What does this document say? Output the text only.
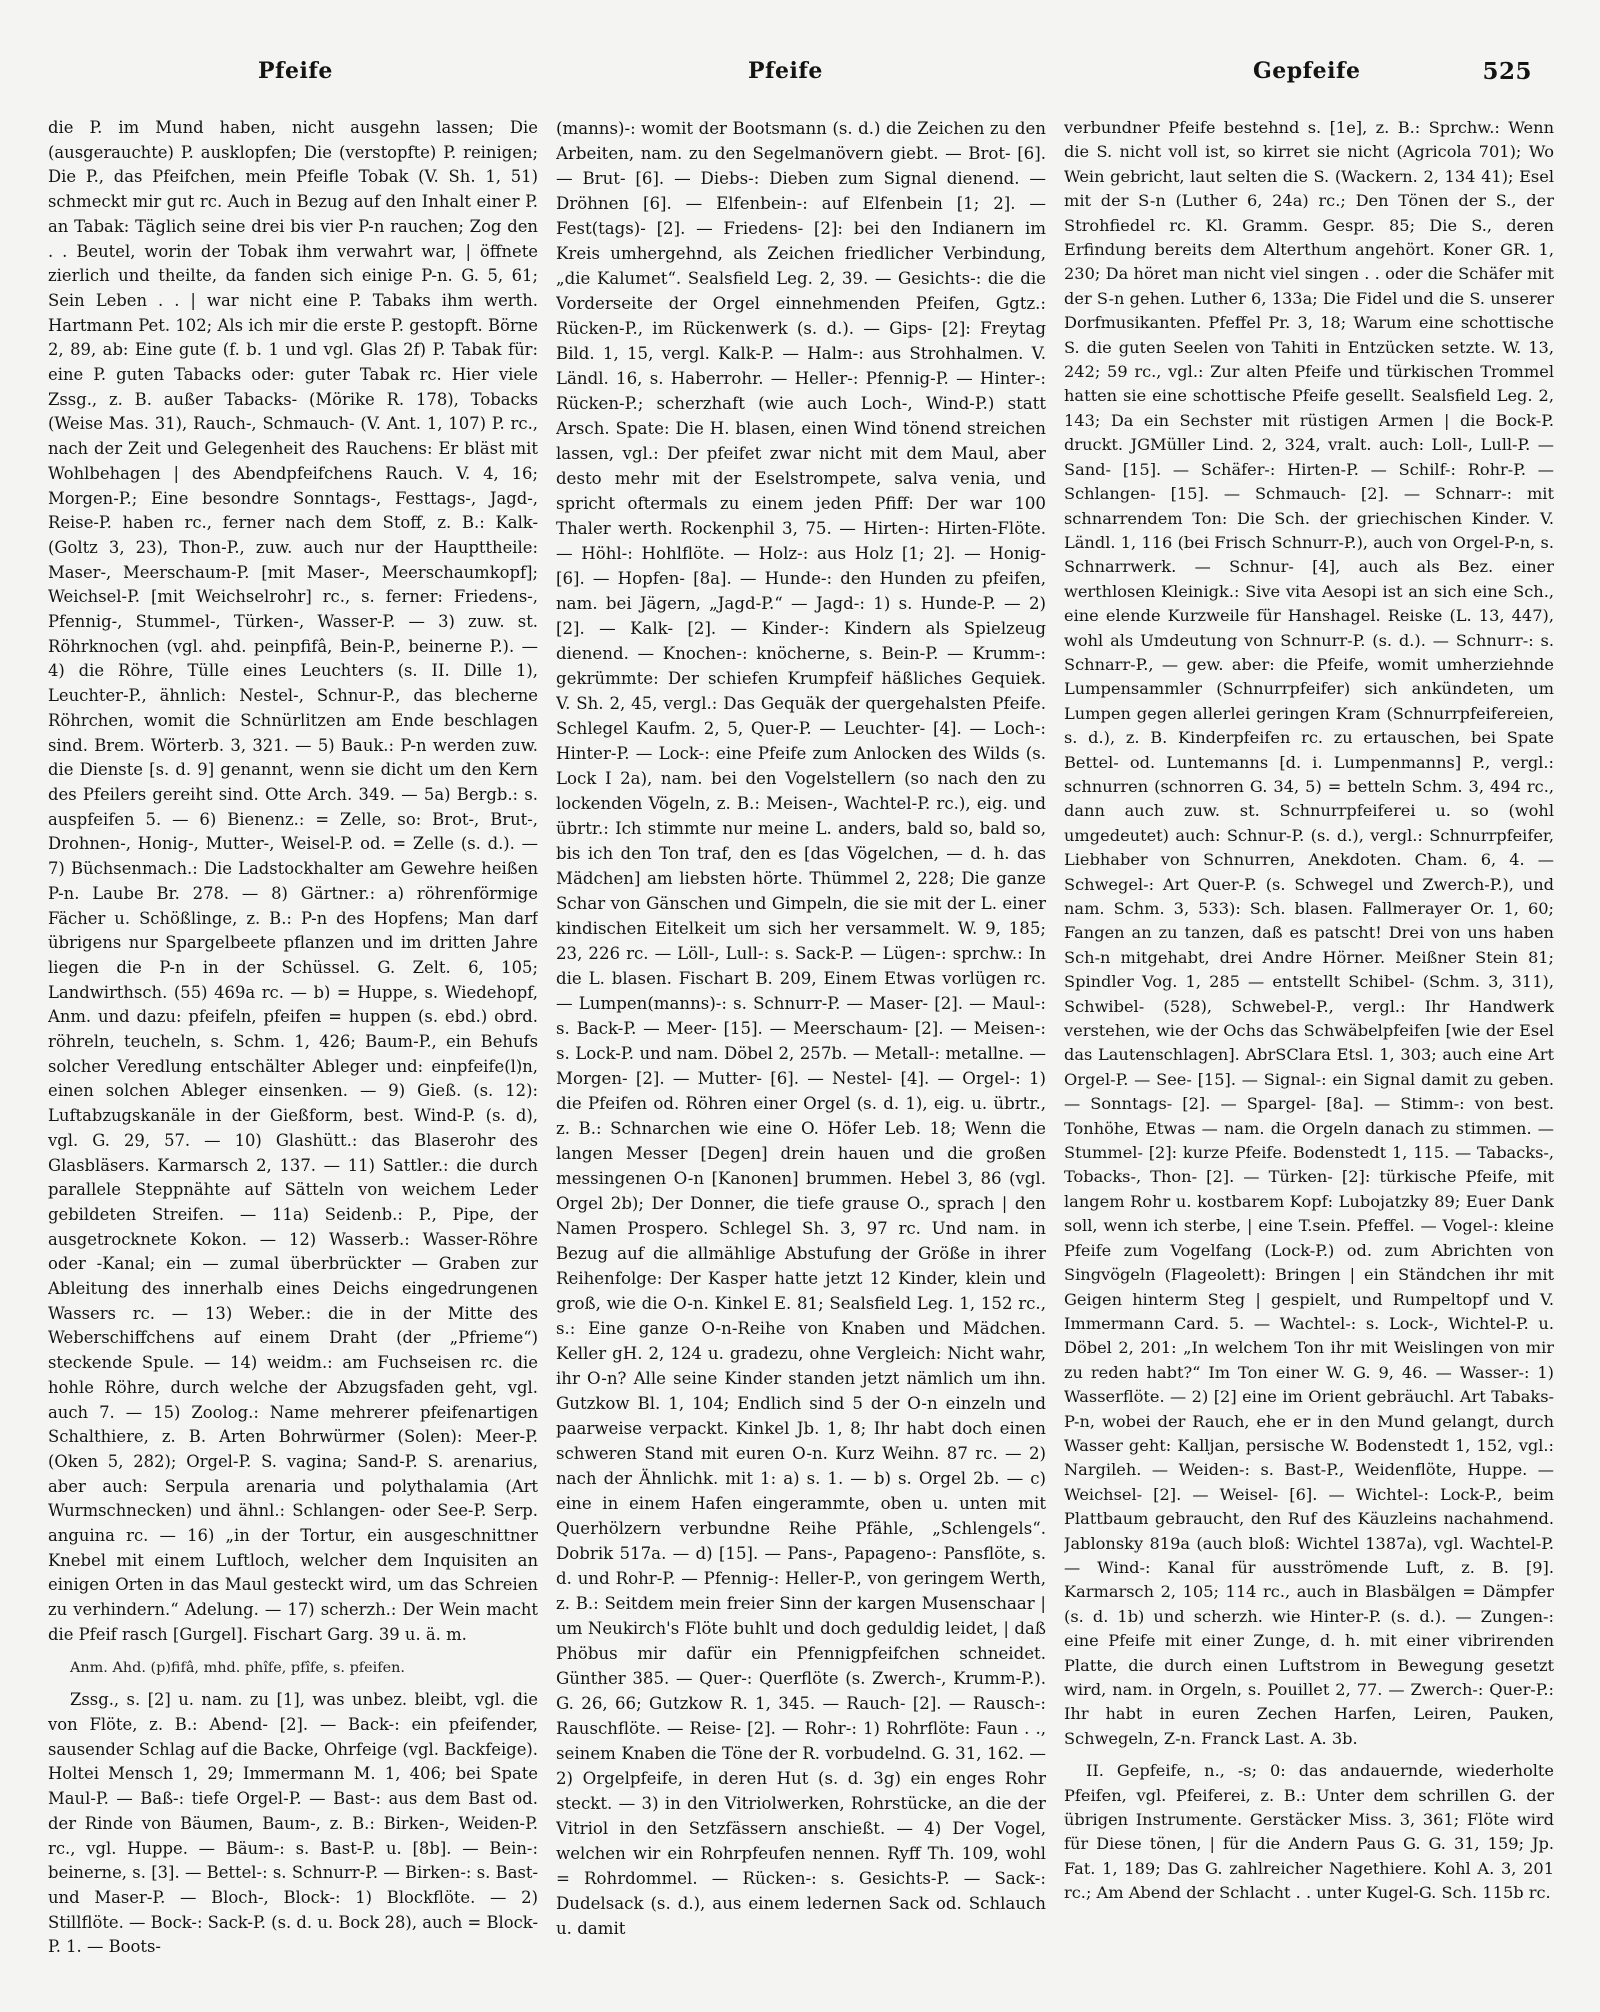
Pfeife	Pfeife	Gepfeife	525

die P. im Mund haben, nicht ausgehn lassen; Die (ausgerauchte) P. ausklopfen; Die (verstopfte) P. reinigen; Die P., das Pfeifchen, mein Pfeifle Tobak (V. Sh. 1, 51) schmeckt mir gut rc. Auch in Bezug auf den Inhalt einer P. an Tabak: Täglich seine drei bis vier P-n rauchen; Zog den . . Beutel, worin der Tobak ihm verwahrt war, | öffnete zierlich und theilte, da fanden sich einige P-n. G. 5, 61; Sein Leben . . | war nicht eine P. Tabaks ihm werth. Hartmann Pet. 102; Als ich mir die erste P. gestopft. Börne 2, 89, ab: Eine gute (f. b. 1 und vgl. Glas 2f) P. Tabak für: eine P. guten Tabacks oder: guter Tabak rc. Hier viele Zssg., z. B. außer Tabacks- (Mörike R. 178), Tobacks (Weise Mas. 31), Rauch-, Schmauch- (V. Ant. 1, 107) P. rc., nach der Zeit und Gelegenheit des Rauchens: Er bläst mit Wohlbehagen | des Abendpfeifchens Rauch. V. 4, 16; Morgen-P.; Eine besondre Sonntags-, Festtags-, Jagd-, Reise-P. haben rc., ferner nach dem Stoff, z. B.: Kalk- (Goltz 3, 23), Thon-P., zuw. auch nur der Haupttheile: Maser-, Meerschaum-P. [mit Maser-, Meerschaumkopf]; Weichsel-P. [mit Weichselrohr] rc., s. ferner: Friedens-, Pfennig-, Stummel-, Türken-, Wasser-P. — 3) zuw. st. Röhrknochen (vgl. ahd. peinpfifâ, Bein-P., beinerne P.). — 4) die Röhre, Tülle eines Leuchters (s. II. Dille 1), Leuchter-P., ähnlich: Nestel-, Schnur-P., das blecherne Röhrchen, womit die Schnürlitzen am Ende beschlagen sind. Brem. Wörterb. 3, 321. — 5) Bauk.: P-n werden zuw. die Dienste [s. d. 9] genannt, wenn sie dicht um den Kern des Pfeilers gereiht sind. Otte Arch. 349. — 5a) Bergb.: s. auspfeifen 5. — 6) Bienenz.: = Zelle, so: Brot-, Brut-, Drohnen-, Honig-, Mutter-, Weisel-P. od. = Zelle (s. d.). — 7) Büchsenmach.: Die Ladstockhalter am Gewehre heißen P-n. Laube Br. 278. — 8) Gärtner.: a) röhrenförmige Fächer u. Schößlinge, z. B.: P-n des Hopfens; Man darf übrigens nur Spargelbeete pflanzen und im dritten Jahre liegen die P-n in der Schüssel. G. Zelt. 6, 105; Landwirthsch. (55) 469a rc. — b) = Huppe, s. Wiedehopf, Anm. und dazu: pfeifeln, pfeifen = huppen (s. ebd.) obrd. röhreln, teucheln, s. Schm. 1, 426; Baum-P., ein Behufs solcher Veredlung entschälter Ableger und: einpfeife(l)n, einen solchen Ableger einsenken. — 9) Gieß. (s. 12): Luftabzugskanäle in der Gießform, best. Wind-P. (s. d), vgl. G. 29, 57. — 10) Glashütt.: das Blaserohr des Glasbläsers. Karmarsch 2, 137. — 11) Sattler.: die durch parallele Steppnähte auf Sätteln von weichem Leder gebildeten Streifen. — 11a) Seidenb.: P., Pipe, der ausgetrocknete Kokon. — 12) Wasserb.: Wasser-Röhre oder -Kanal; ein — zumal überbrückter — Graben zur Ableitung des innerhalb eines Deichs eingedrungenen Wassers rc. — 13) Weber.: die in der Mitte des Weberschiffchens auf einem Draht (der „Pfrieme“) steckende Spule. — 14) weidm.: am Fuchseisen rc. die hohle Röhre, durch welche der Abzugsfaden geht, vgl. auch 7. — 15) Zoolog.: Name mehrerer pfeifenartigen Schalthiere, z. B. Arten Bohrwürmer (Solen): Meer-P. (Oken 5, 282); Orgel-P. S. vagina; Sand-P. S. arenarius, aber auch: Serpula arenaria und polythalamia (Art Wurmschnecken) und ähnl.: Schlangen- oder See-P. Serp. anguina rc. — 16) „in der Tortur, ein ausgeschnittner Knebel mit einem Luftloch, welcher dem Inquisiten an einigen Orten in das Maul gesteckt wird, um das Schreien zu verhindern.“ Adelung. — 17) scherzh.: Der Wein macht die Pfeif rasch [Gurgel]. Fischart Garg. 39 u. ä. m.

Anm. Ahd. (p)fifâ, mhd. phîfe, pfîfe, s. pfeifen.

Zssg., s. [2] u. nam. zu [1], was unbez. bleibt, vgl. die von Flöte, z. B.: Abend- [2]. — Back-: ein pfeifender, sausender Schlag auf die Backe, Ohrfeige (vgl. Backfeige). Holtei Mensch 1, 29; Immermann M. 1, 406; bei Spate Maul-P. — Baß-: tiefe Orgel-P. — Bast-: aus dem Bast od. der Rinde von Bäumen, Baum-, z. B.: Birken-, Weiden-P. rc., vgl. Huppe. — Bäum-: s. Bast-P. u. [8b]. — Bein-: beinerne, s. [3]. — Bettel-: s. Schnurr-P. — Birken-: s. Bast- und Maser-P. — Bloch-, Block-: 1) Blockflöte. — 2) Stillflöte. — Bock-: Sack-P. (s. d. u. Bock 28), auch = Block-P. 1. — Boots-

(manns)-: womit der Bootsmann (s. d.) die Zeichen zu den Arbeiten, nam. zu den Segelmanövern giebt. — Brot- [6]. — Brut- [6]. — Diebs-: Dieben zum Signal dienend. — Dröhnen [6]. — Elfenbein-: auf Elfenbein [1; 2]. — Fest(tags)- [2]. — Friedens- [2]: bei den Indianern im Kreis umhergehnd, als Zeichen friedlicher Verbindung, „die Kalumet“. Sealsfield Leg. 2, 39. — Gesichts-: die die Vorderseite der Orgel einnehmenden Pfeifen, Ggtz.: Rücken-P., im Rückenwerk (s. d.). — Gips- [2]: Freytag Bild. 1, 15, vergl. Kalk-P. — Halm-: aus Strohhalmen. V. Ländl. 16, s. Haberrohr. — Heller-: Pfennig-P. — Hinter-: Rücken-P.; scherzhaft (wie auch Loch-, Wind-P.) statt Arsch. Spate: Die H. blasen, einen Wind tönend streichen lassen, vgl.: Der pfeifet zwar nicht mit dem Maul, aber desto mehr mit der Eselstrompete, salva venia, und spricht oftermals zu einem jeden Pfiff: Der war 100 Thaler werth. Rockenphil 3, 75. — Hirten-: Hirten-Flöte. — Höhl-: Hohlflöte. — Holz-: aus Holz [1; 2]. — Honig- [6]. — Hopfen- [8a]. — Hunde-: den Hunden zu pfeifen, nam. bei Jägern, „Jagd-P.“ — Jagd-: 1) s. Hunde-P. — 2) [2]. — Kalk- [2]. — Kinder-: Kindern als Spielzeug dienend. — Knochen-: knöcherne, s. Bein-P. — Krumm-: gekrümmte: Der schiefen Krumpfeif häßliches Gequiek. V. Sh. 2, 45, vergl.: Das Gequäk der quergehalsten Pfeife. Schlegel Kaufm. 2, 5, Quer-P. — Leuchter- [4]. — Loch-: Hinter-P. — Lock-: eine Pfeife zum Anlocken des Wilds (s. Lock I 2a), nam. bei den Vogelstellern (so nach den zu lockenden Vögeln, z. B.: Meisen-, Wachtel-P. rc.), eig. und übrtr.: Ich stimmte nur meine L. anders, bald so, bald so, bis ich den Ton traf, den es [das Vögelchen, — d. h. das Mädchen] am liebsten hörte. Thümmel 2, 228; Die ganze Schar von Gänschen und Gimpeln, die sie mit der L. einer kindischen Eitelkeit um sich her versammelt. W. 9, 185; 23, 226 rc. — Löll-, Lull-: s. Sack-P. — Lügen-: sprchw.: In die L. blasen. Fischart B. 209, Einem Etwas vorlügen rc. — Lumpen(manns)-: s. Schnurr-P. — Maser- [2]. — Maul-: s. Back-P. — Meer- [15]. — Meerschaum- [2]. — Meisen-: s. Lock-P. und nam. Döbel 2, 257b. — Metall-: metallne. — Morgen- [2]. — Mutter- [6]. — Nestel- [4]. — Orgel-: 1) die Pfeifen od. Röhren einer Orgel (s. d. 1), eig. u. übrtr., z. B.: Schnarchen wie eine O. Höfer Leb. 18; Wenn die langen Messer [Degen] drein hauen und die großen messingenen O-n [Kanonen] brummen. Hebel 3, 86 (vgl. Orgel 2b); Der Donner, die tiefe grause O., sprach | den Namen Prospero. Schlegel Sh. 3, 97 rc. Und nam. in Bezug auf die allmählige Abstufung der Größe in ihrer Reihenfolge: Der Kasper hatte jetzt 12 Kinder, klein und groß, wie die O-n. Kinkel E. 81; Sealsfield Leg. 1, 152 rc., s.: Eine ganze O-n-Reihe von Knaben und Mädchen. Keller gH. 2, 124 u. gradezu, ohne Vergleich: Nicht wahr, ihr O-n? Alle seine Kinder standen jetzt nämlich um ihn. Gutzkow Bl. 1, 104; Endlich sind 5 der O-n einzeln und paarweise verpackt. Kinkel Jb. 1, 8; Ihr habt doch einen schweren Stand mit euren O-n. Kurz Weihn. 87 rc. — 2) nach der Ähnlichk. mit 1: a) s. 1. — b) s. Orgel 2b. — c) eine in einem Hafen eingerammte, oben u. unten mit Querhölzern verbundne Reihe Pfähle, „Schlengels“. Dobrik 517a. — d) [15]. — Pans-, Papageno-: Pansflöte, s. d. und Rohr-P. — Pfennig-: Heller-P., von geringem Werth, z. B.: Seitdem mein freier Sinn der kargen Musenschaar | um Neukirch's Flöte buhlt und doch geduldig leidet, | daß Phöbus mir dafür ein Pfennigpfeifchen schneidet. Günther 385. — Quer-: Querflöte (s. Zwerch-, Krumm-P.). G. 26, 66; Gutzkow R. 1, 345. — Rauch- [2]. — Rausch-: Rauschflöte. — Reise- [2]. — Rohr-: 1) Rohrflöte: Faun . ., seinem Knaben die Töne der R. vorbudelnd. G. 31, 162. — 2) Orgelpfeife, in deren Hut (s. d. 3g) ein enges Rohr steckt. — 3) in den Vitriolwerken, Rohrstücke, an die der Vitriol in den Setzfässern anschießt. — 4) Der Vogel, welchen wir ein Rohrpfeufen nennen. Ryff Th. 109, wohl = Rohrdommel. — Rücken-: s. Gesichts-P. — Sack-: Dudelsack (s. d.), aus einem ledernen Sack od. Schlauch u. damit

verbundner Pfeife bestehnd s. [1e], z. B.: Sprchw.: Wenn die S. nicht voll ist, so kirret sie nicht (Agricola 701); Wo Wein gebricht, laut selten die S. (Wackern. 2, 134 41); Esel mit der S-n (Luther 6, 24a) rc.; Den Tönen der S., der Strohfiedel rc. Kl. Gramm. Gespr. 85; Die S., deren Erfindung bereits dem Alterthum angehört. Koner GR. 1, 230; Da höret man nicht viel singen . . oder die Schäfer mit der S-n gehen. Luther 6, 133a; Die Fidel und die S. unserer Dorfmusikanten. Pfeffel Pr. 3, 18; Warum eine schottische S. die guten Seelen von Tahiti in Entzücken setzte. W. 13, 242; 59 rc., vgl.: Zur alten Pfeife und türkischen Trommel hatten sie eine schottische Pfeife gesellt. Sealsfield Leg. 2, 143; Da ein Sechster mit rüstigen Armen | die Bock-P. druckt. JGMüller Lind. 2, 324, vralt. auch: Loll-, Lull-P. — Sand- [15]. — Schäfer-: Hirten-P. — Schilf-: Rohr-P. — Schlangen- [15]. — Schmauch- [2]. — Schnarr-: mit schnarrendem Ton: Die Sch. der griechischen Kinder. V. Ländl. 1, 116 (bei Frisch Schnurr-P.), auch von Orgel-P-n, s. Schnarrwerk. — Schnur- [4], auch als Bez. einer werthlosen Kleinigk.: Sive vita Aesopi ist an sich eine Sch., eine elende Kurzweile für Hanshagel. Reiske (L. 13, 447), wohl als Umdeutung von Schnurr-P. (s. d.). — Schnurr-: s. Schnarr-P., — gew. aber: die Pfeife, womit umherziehnde Lumpensammler (Schnurrpfeifer) sich ankündeten, um Lumpen gegen allerlei geringen Kram (Schnurrpfeifereien, s. d.), z. B. Kinderpfeifen rc. zu ertauschen, bei Spate Bettel- od. Luntemanns [d. i. Lumpenmanns] P., vergl.: schnurren (schnorren G. 34, 5) = betteln Schm. 3, 494 rc., dann auch zuw. st. Schnurrpfeiferei u. so (wohl umgedeutet) auch: Schnur-P. (s. d.), vergl.: Schnurrpfeifer, Liebhaber von Schnurren, Anekdoten. Cham. 6, 4. — Schwegel-: Art Quer-P. (s. Schwegel und Zwerch-P.), und nam. Schm. 3, 533): Sch. blasen. Fallmerayer Or. 1, 60; Fangen an zu tanzen, daß es patscht! Drei von uns haben Sch-n mitgehabt, drei Andre Hörner. Meißner Stein 81; Spindler Vog. 1, 285 — entstellt Schibel- (Schm. 3, 311), Schwibel- (528), Schwebel-P., vergl.: Ihr Handwerk verstehen, wie der Ochs das Schwäbelpfeifen [wie der Esel das Lautenschlagen]. AbrSClara Etsl. 1, 303; auch eine Art Orgel-P. — See- [15]. — Signal-: ein Signal damit zu geben. — Sonntags- [2]. — Spargel- [8a]. — Stimm-: von best. Tonhöhe, Etwas — nam. die Orgeln danach zu stimmen. — Stummel- [2]: kurze Pfeife. Bodenstedt 1, 115. — Tabacks-, Tobacks-, Thon- [2]. — Türken- [2]: türkische Pfeife, mit langem Rohr u. kostbarem Kopf: Lubojatzky 89; Euer Dank soll, wenn ich sterbe, | eine T.sein. Pfeffel. — Vogel-: kleine Pfeife zum Vogelfang (Lock-P.) od. zum Abrichten von Singvögeln (Flageolett): Bringen | ein Ständchen ihr mit Geigen hinterm Steg | gespielt, und Rumpeltopf und V. Immermann Card. 5. — Wachtel-: s. Lock-, Wichtel-P. u. Döbel 2, 201: „In welchem Ton ihr mit Weislingen von mir zu reden habt?“ Im Ton einer W. G. 9, 46. — Wasser-: 1) Wasserflöte. — 2) [2] eine im Orient gebräuchl. Art Tabaks-P-n, wobei der Rauch, ehe er in den Mund gelangt, durch Wasser geht: Kalljan, persische W. Bodenstedt 1, 152, vgl.: Nargileh. — Weiden-: s. Bast-P., Weidenflöte, Huppe. — Weichsel- [2]. — Weisel- [6]. — Wichtel-: Lock-P., beim Plattbaum gebraucht, den Ruf des Käuzleins nachahmend. Jablonsky 819a (auch bloß: Wichtel 1387a), vgl. Wachtel-P. — Wind-: Kanal für ausströmende Luft, z. B. [9]. Karmarsch 2, 105; 114 rc., auch in Blasbälgen = Dämpfer (s. d. 1b) und scherzh. wie Hinter-P. (s. d.). — Zungen-: eine Pfeife mit einer Zunge, d. h. mit einer vibrirenden Platte, die durch einen Luftstrom in Bewegung gesetzt wird, nam. in Orgeln, s. Pouillet 2, 77. — Zwerch-: Quer-P.: Ihr habt in euren Zechen Harfen, Leiren, Pauken, Schwegeln, Z-n. Franck Last. A. 3b.

II. Gepfeife, n., -s; 0: das andauernde, wiederholte Pfeifen, vgl. Pfeiferei, z. B.: Unter dem schrillen G. der übrigen Instrumente. Gerstäcker Miss. 3, 361; Flöte wird für Diese tönen, | für die Andern Paus G. G. 31, 159; Jp. Fat. 1, 189; Das G. zahlreicher Nagethiere. Kohl A. 3, 201 rc.; Am Abend der Schlacht . . unter Kugel-G. Sch. 115b rc.
